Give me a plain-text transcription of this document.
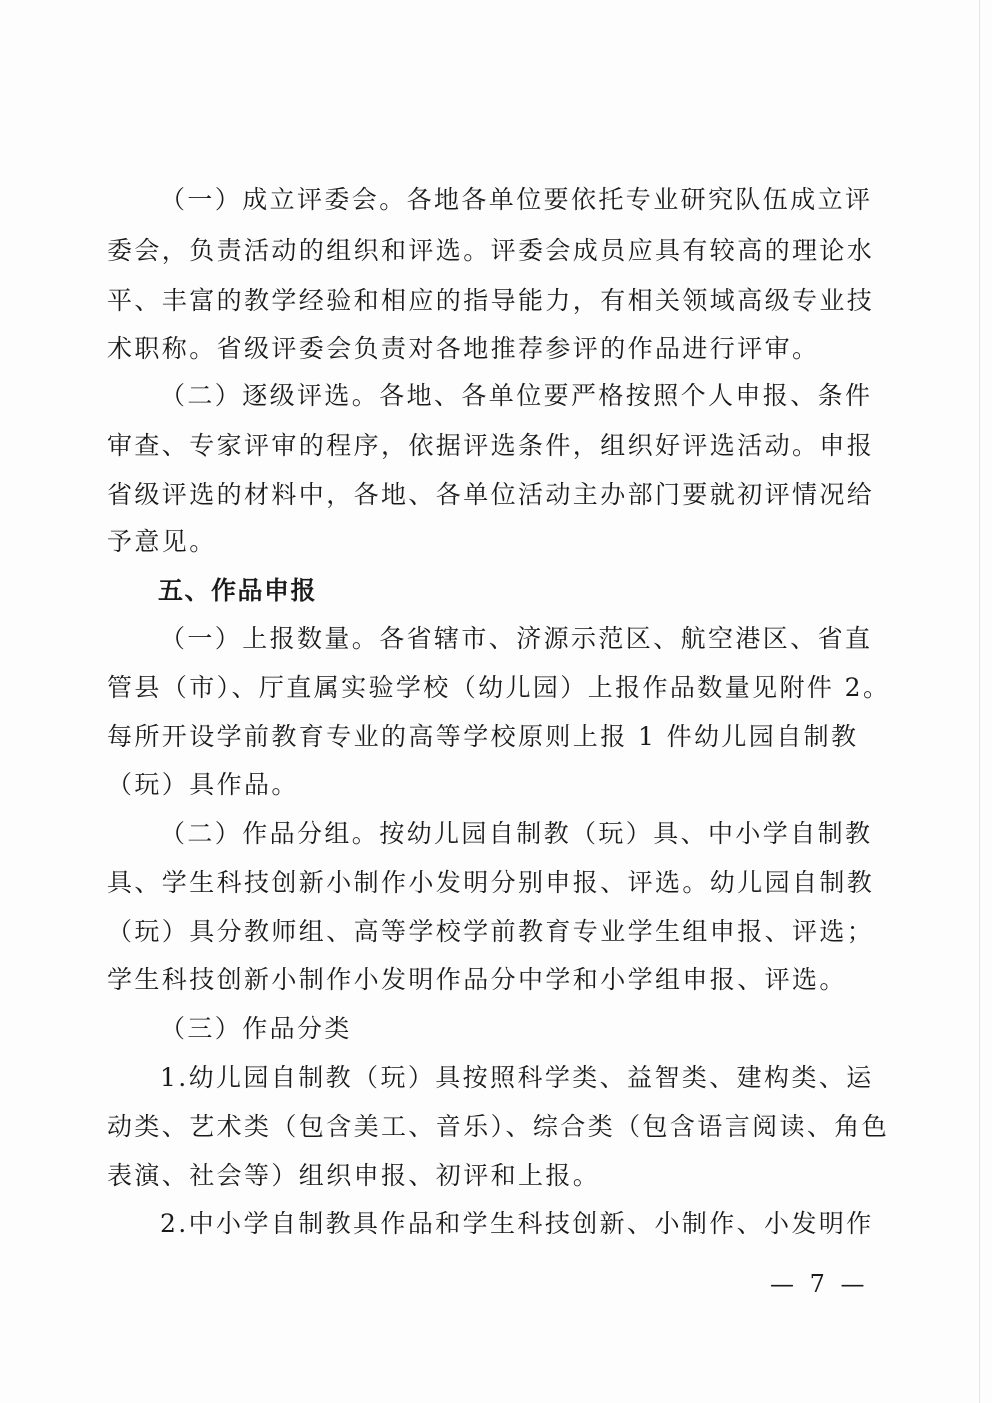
（一）成立评委会。各地各单位要依托专业研究队伍成立评
委会，负责活动的组织和评选。评委会成员应具有较高的理论水
平、丰富的教学经验和相应的指导能力，有相关领域高级专业技
术职称。省级评委会负责对各地推荐参评的作品进行评审。
（二）逐级评选。各地、各单位要严格按照个人申报、条件
审查、专家评审的程序，依据评选条件，组织好评选活动。申报
省级评选的材料中，各地、各单位活动主办部门要就初评情况给
予意见。
五、作品申报
（一）上报数量。各省辖市、济源示范区、航空港区、省直
管县（市）、厅直属实验学校（幼儿园）上报作品数量见附件 2。
每所开设学前教育专业的高等学校原则上报 1 件幼儿园自制教
（玩）具作品。
（二）作品分组。按幼儿园自制教（玩）具、中小学自制教
具、学生科技创新小制作小发明分别申报、评选。幼儿园自制教
（玩）具分教师组、高等学校学前教育专业学生组申报、评选；
学生科技创新小制作小发明作品分中学和小学组申报、评选。
（三）作品分类
1.幼儿园自制教（玩）具按照科学类、益智类、建构类、运
动类、艺术类（包含美工、音乐）、综合类（包含语言阅读、角色
表演、社会等）组织申报、初评和上报。
2.中小学自制教具作品和学生科技创新、小制作、小发明作
— 7 —
